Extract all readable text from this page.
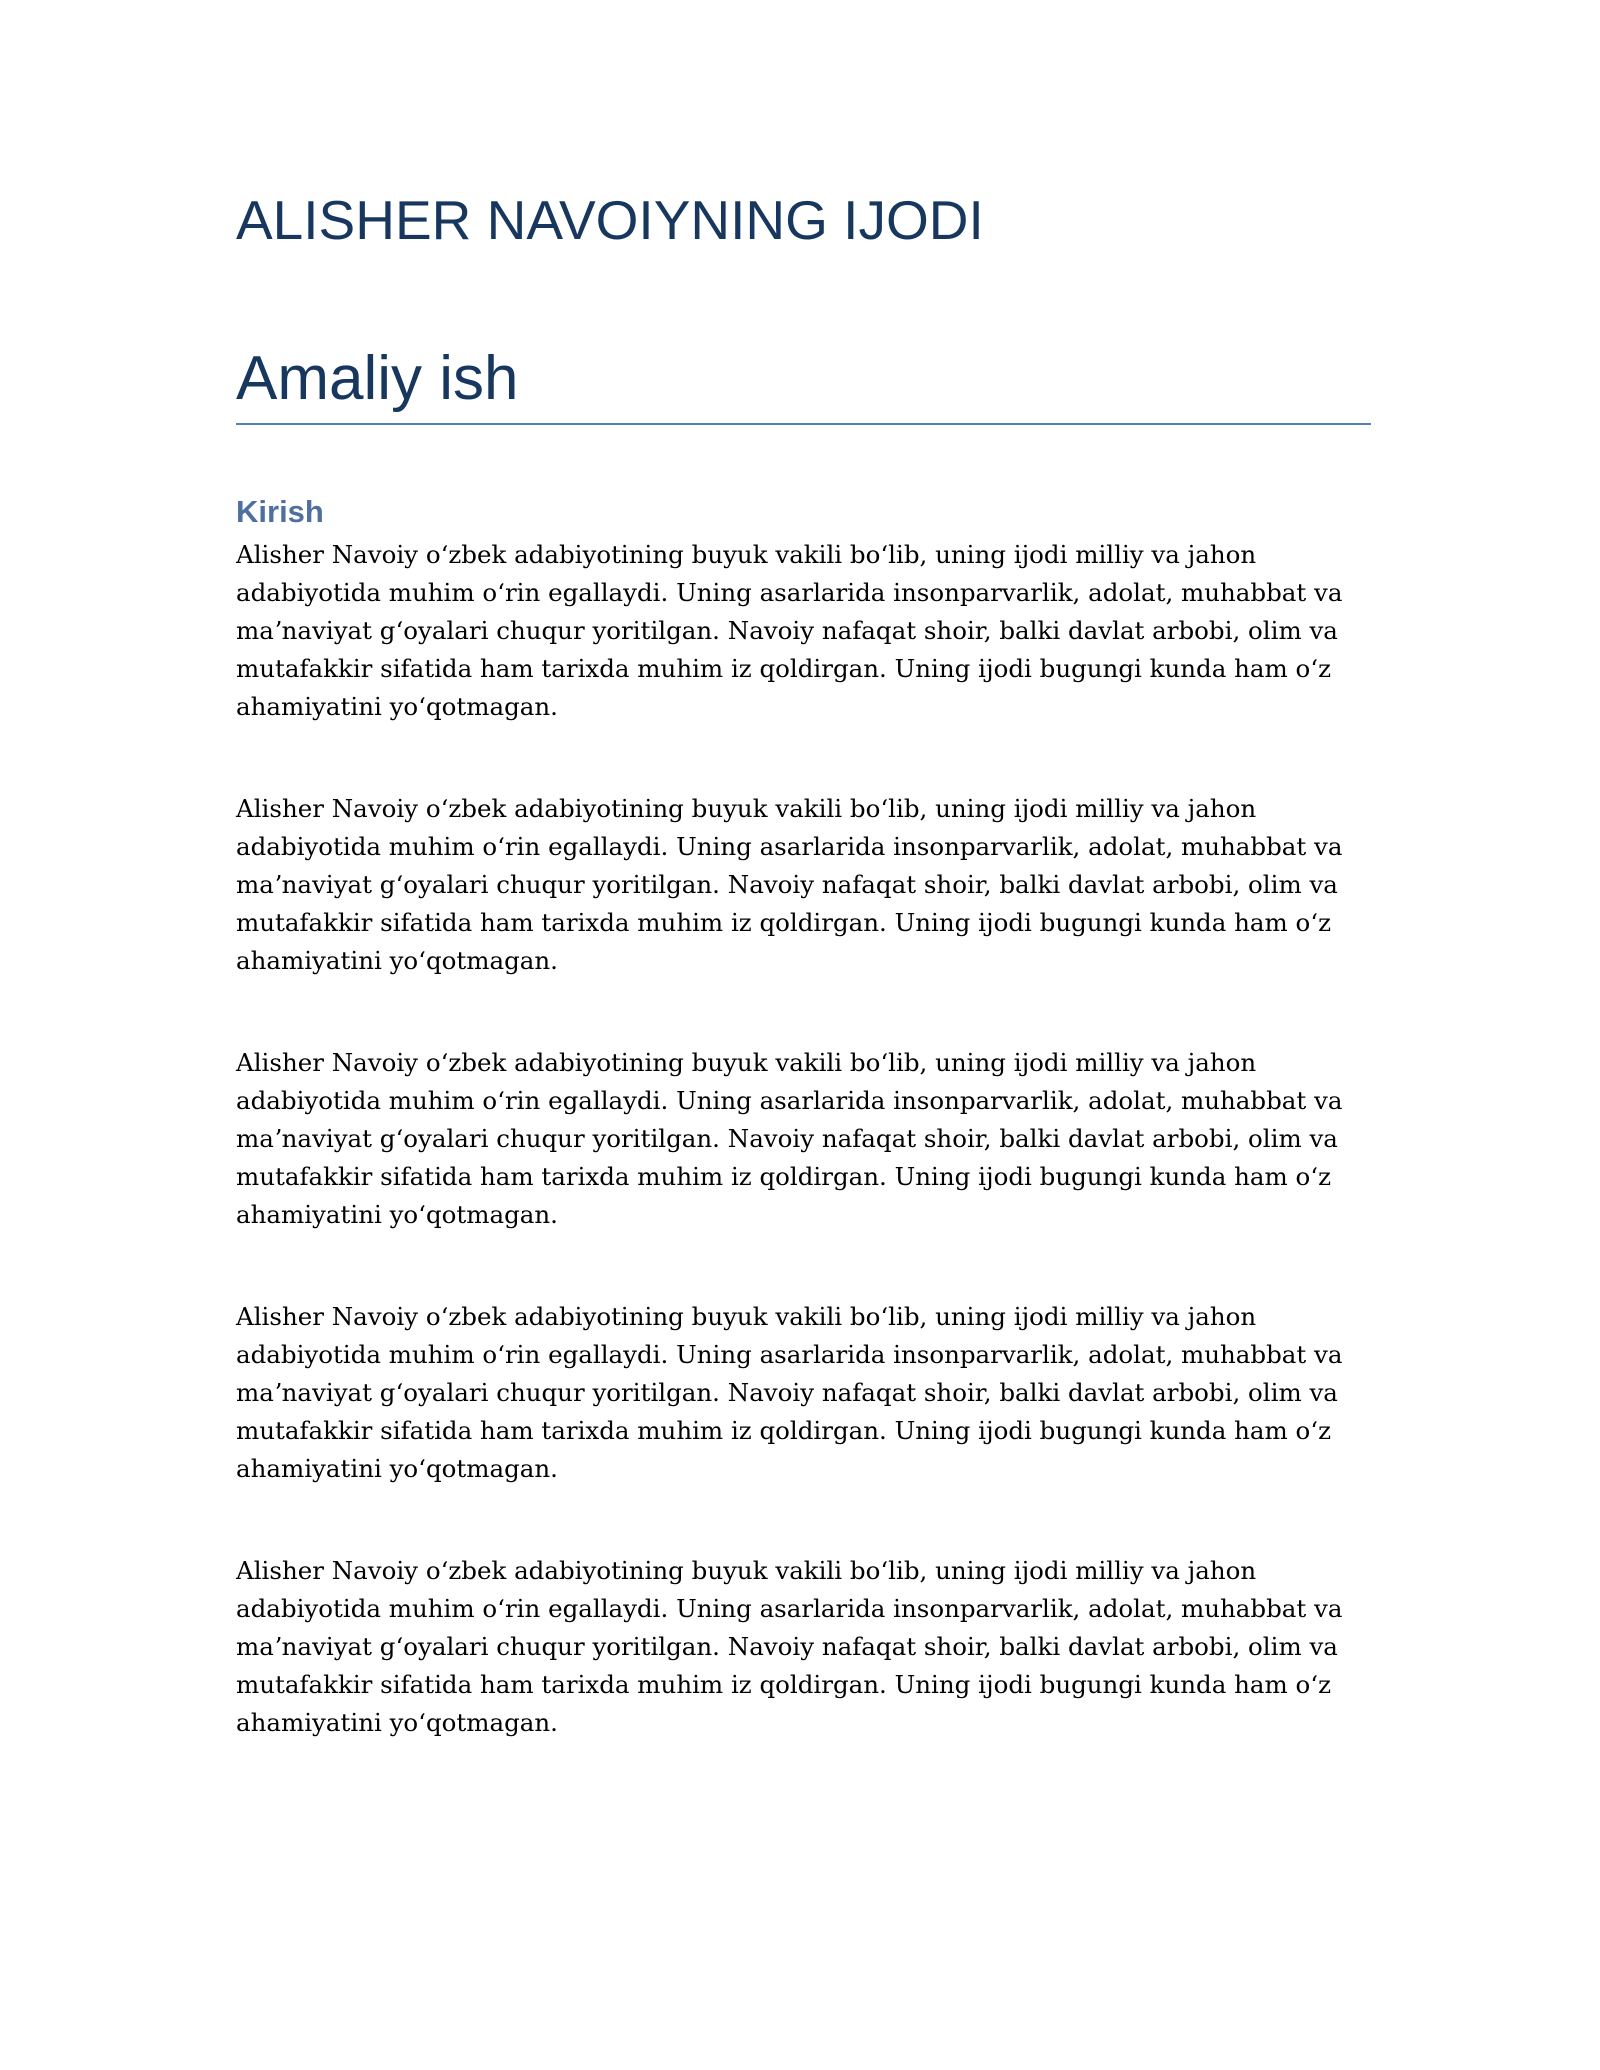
ALISHER NAVOIYNING IJODI
Amaliy ish
Kirish

Alisher Navoiy oʻzbek adabiyotining buyuk vakili boʻlib, uning ijodi milliy va jahon adabiyotida muhim oʻrin egallaydi. Uning asarlarida insonparvarlik, adolat, muhabbat va maʼnaviyat gʻoyalari chuqur yoritilgan. Navoiy nafaqat shoir, balki davlat arbobi, olim va mutafakkir sifatida ham tarixda muhim iz qoldirgan. Uning ijodi bugungi kunda ham oʻz ahamiyatini yoʻqotmagan.

Alisher Navoiy oʻzbek adabiyotining buyuk vakili boʻlib, uning ijodi milliy va jahon adabiyotida muhim oʻrin egallaydi. Uning asarlarida insonparvarlik, adolat, muhabbat va maʼnaviyat gʻoyalari chuqur yoritilgan. Navoiy nafaqat shoir, balki davlat arbobi, olim va mutafakkir sifatida ham tarixda muhim iz qoldirgan. Uning ijodi bugungi kunda ham oʻz ahamiyatini yoʻqotmagan.

Alisher Navoiy oʻzbek adabiyotining buyuk vakili boʻlib, uning ijodi milliy va jahon adabiyotida muhim oʻrin egallaydi. Uning asarlarida insonparvarlik, adolat, muhabbat va maʼnaviyat gʻoyalari chuqur yoritilgan. Navoiy nafaqat shoir, balki davlat arbobi, olim va mutafakkir sifatida ham tarixda muhim iz qoldirgan. Uning ijodi bugungi kunda ham oʻz ahamiyatini yoʻqotmagan.

Alisher Navoiy oʻzbek adabiyotining buyuk vakili boʻlib, uning ijodi milliy va jahon adabiyotida muhim oʻrin egallaydi. Uning asarlarida insonparvarlik, adolat, muhabbat va maʼnaviyat gʻoyalari chuqur yoritilgan. Navoiy nafaqat shoir, balki davlat arbobi, olim va mutafakkir sifatida ham tarixda muhim iz qoldirgan. Uning ijodi bugungi kunda ham oʻz ahamiyatini yoʻqotmagan.

Alisher Navoiy oʻzbek adabiyotining buyuk vakili boʻlib, uning ijodi milliy va jahon adabiyotida muhim oʻrin egallaydi. Uning asarlarida insonparvarlik, adolat, muhabbat va maʼnaviyat gʻoyalari chuqur yoritilgan. Navoiy nafaqat shoir, balki davlat arbobi, olim va mutafakkir sifatida ham tarixda muhim iz qoldirgan. Uning ijodi bugungi kunda ham oʻz ahamiyatini yoʻqotmagan.
